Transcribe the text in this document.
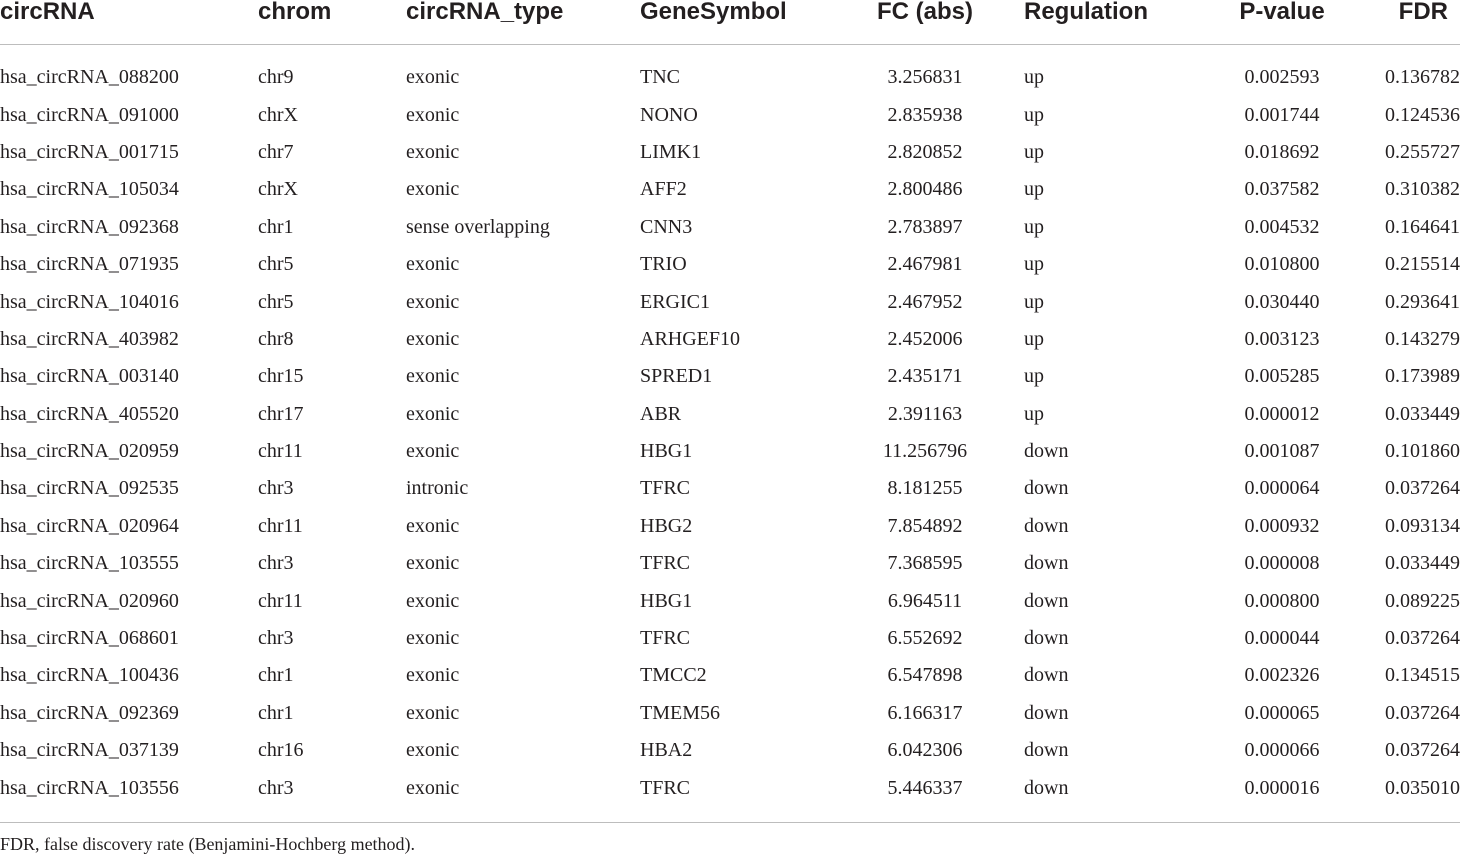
circRNA	chrom	circRNA_type	GeneSymbol	FC (abs)	Regulation	P-value	FDR
hsa_circRNA_088200	chr9	exonic	TNC	3.256831	up	0.002593	0.136782
hsa_circRNA_091000	chrX	exonic	NONO	2.835938	up	0.001744	0.124536
hsa_circRNA_001715	chr7	exonic	LIMK1	2.820852	up	0.018692	0.255727
hsa_circRNA_105034	chrX	exonic	AFF2	2.800486	up	0.037582	0.310382
hsa_circRNA_092368	chr1	sense overlapping	CNN3	2.783897	up	0.004532	0.164641
hsa_circRNA_071935	chr5	exonic	TRIO	2.467981	up	0.010800	0.215514
hsa_circRNA_104016	chr5	exonic	ERGIC1	2.467952	up	0.030440	0.293641
hsa_circRNA_403982	chr8	exonic	ARHGEF10	2.452006	up	0.003123	0.143279
hsa_circRNA_003140	chr15	exonic	SPRED1	2.435171	up	0.005285	0.173989
hsa_circRNA_405520	chr17	exonic	ABR	2.391163	up	0.000012	0.033449
hsa_circRNA_020959	chr11	exonic	HBG1	11.256796	down	0.001087	0.101860
hsa_circRNA_092535	chr3	intronic	TFRC	8.181255	down	0.000064	0.037264
hsa_circRNA_020964	chr11	exonic	HBG2	7.854892	down	0.000932	0.093134
hsa_circRNA_103555	chr3	exonic	TFRC	7.368595	down	0.000008	0.033449
hsa_circRNA_020960	chr11	exonic	HBG1	6.964511	down	0.000800	0.089225
hsa_circRNA_068601	chr3	exonic	TFRC	6.552692	down	0.000044	0.037264
hsa_circRNA_100436	chr1	exonic	TMCC2	6.547898	down	0.002326	0.134515
hsa_circRNA_092369	chr1	exonic	TMEM56	6.166317	down	0.000065	0.037264
hsa_circRNA_037139	chr16	exonic	HBA2	6.042306	down	0.000066	0.037264
hsa_circRNA_103556	chr3	exonic	TFRC	5.446337	down	0.000016	0.035010
FDR, false discovery rate (Benjamini-Hochberg method).
